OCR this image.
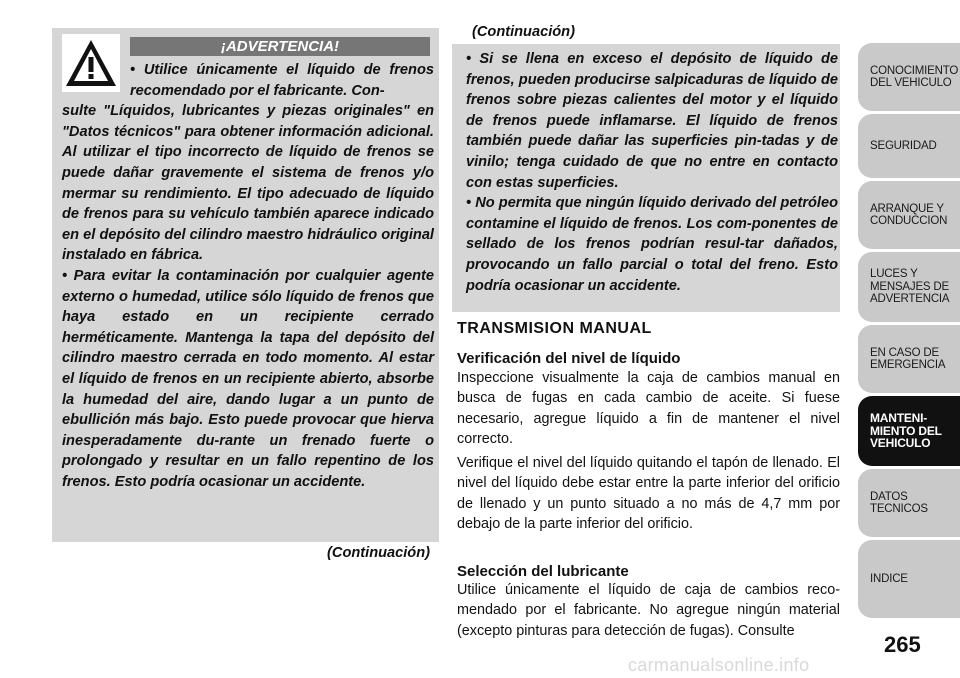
¡ADVERTENCIA!

• Utilice únicamente el líquido de frenos recomendado por el fabricante. Con-
sulte "Líquidos, lubricantes y piezas originales" en "Datos técnicos" para obtener información adicional. Al utilizar el tipo incorrecto de líquido de frenos se puede dañar gravemente el sistema de frenos y/o mermar su rendimiento. El tipo adecuado de líquido de frenos para su vehículo también aparece indicado en el depósito del cilindro maestro hidráulico original instalado en fábrica.

• Para evitar la contaminación por cualquier agente externo o humedad, utilice sólo líquido de frenos que haya estado en un recipiente cerrado herméticamente. Mantenga la tapa del depósito del cilindro maestro cerrada en todo momento. Al estar el líquido de frenos en un recipiente abierto, absorbe la humedad del aire, dando lugar a un punto de ebullición más bajo. Esto puede provocar que hierva inesperadamente du-rante un frenado fuerte o prolongado y resultar en un fallo repentino de los frenos. Esto podría ocasionar un accidente.

(Continuación)
(Continuación)

• Si se llena en exceso el depósito de líquido de frenos, pueden producirse salpicaduras de líquido de frenos sobre piezas calientes del motor y el líquido de frenos puede inflamarse. El líquido de frenos también puede dañar las superficies pin-tadas y de vinilo; tenga cuidado de que no entre en contacto con estas superficies.

• No permita que ningún líquido derivado del petróleo contamine el líquido de frenos. Los com-ponentes de sellado de los frenos podrían resul-tar dañados, provocando un fallo parcial o total del freno. Esto podría ocasionar un accidente.

TRANSMISION MANUAL
Verificación del nivel de líquido
Inspeccione visualmente la caja de cambios manual en busca de fugas en cada cambio de aceite. Si fuese necesario, agregue líquido a fin de mantener el nivel correcto.
Verifique el nivel del líquido quitando el tapón de llenado. El nivel del líquido debe estar entre la parte inferior del orificio de llenado y un punto situado a no más de 4,7 mm por debajo de la parte inferior del orificio.
Selección del lubricante
Utilice únicamente el líquido de caja de cambios reco-mendado por el fabricante. No agregue ningún material (excepto pinturas para detección de fugas). Consulte
CONOCIMIENTO
DEL VEHICULO
SEGURIDAD
ARRANQUE Y
CONDUCCION
LUCES Y
MENSAJES DE
ADVERTENCIA
EN CASO DE
EMERGENCIA
MANTENI-
MIENTO DEL
VEHICULO
DATOS
TECNICOS
INDICE
265
carmanualsonline.info
